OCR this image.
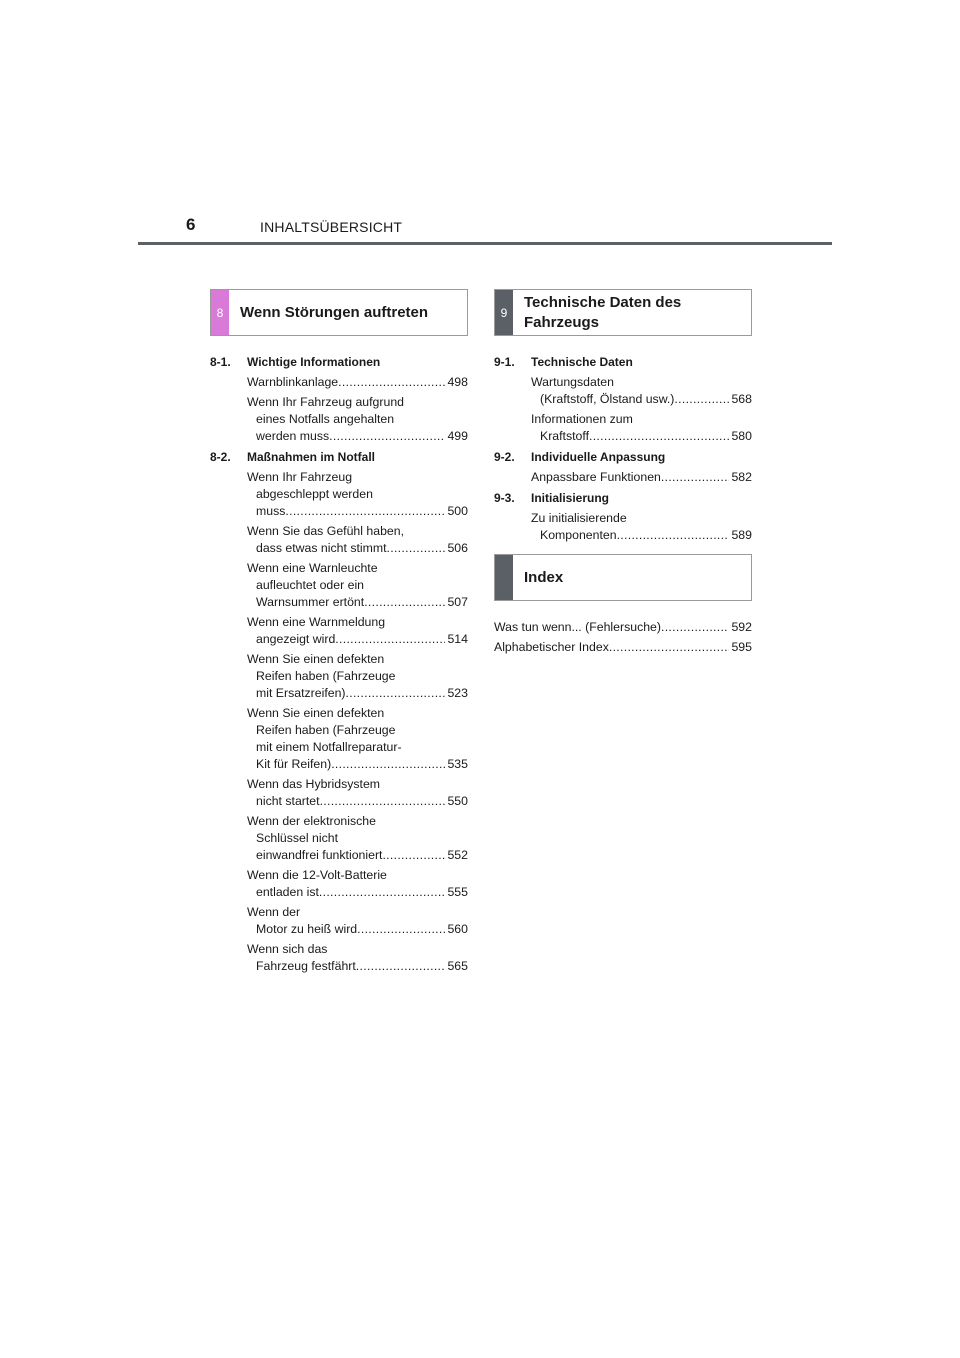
6	INHALTSÜBERSICHT
8	Wenn Störungen auftreten
8-1.	Wichtige Informationen
Warnblinkanlage .....	498
Wenn Ihr Fahrzeug aufgrund
eines Notfalls angehalten
werden muss .....	499
8-2.	Maßnahmen im Notfall
Wenn Ihr Fahrzeug
abgeschleppt werden
muss .....	500
Wenn Sie das Gefühl haben,
dass etwas nicht stimmt .....	506
Wenn eine Warnleuchte
aufleuchtet oder ein
Warnsummer ertönt .....	507
Wenn eine Warnmeldung
angezeigt wird .....	514
Wenn Sie einen defekten
Reifen haben (Fahrzeuge
mit Ersatzreifen) .....	523
Wenn Sie einen defekten
Reifen haben (Fahrzeuge
mit einem Notfallreparatur-
Kit für Reifen) .....	535
Wenn das Hybridsystem
nicht startet .....	550
Wenn der elektronische
Schlüssel nicht
einwandfrei funktioniert .....	552
Wenn die 12-Volt-Batterie
entladen ist .....	555
Wenn der
Motor zu heiß wird .....	560
Wenn sich das
Fahrzeug festfährt .....	565
9
Technische Daten des
Fahrzeugs
9-1.	Technische Daten
Wartungsdaten
(Kraftstoff, Ölstand usw.) .....	568
Informationen zum
Kraftstoff .....	580
9-2.	Individuelle Anpassung
Anpassbare Funktionen .....	582
9-3.	Initialisierung
Zu initialisierende
Komponenten .....	589
Index
Was tun wenn... (Fehlersuche) .....	592
Alphabetischer Index .....	595
